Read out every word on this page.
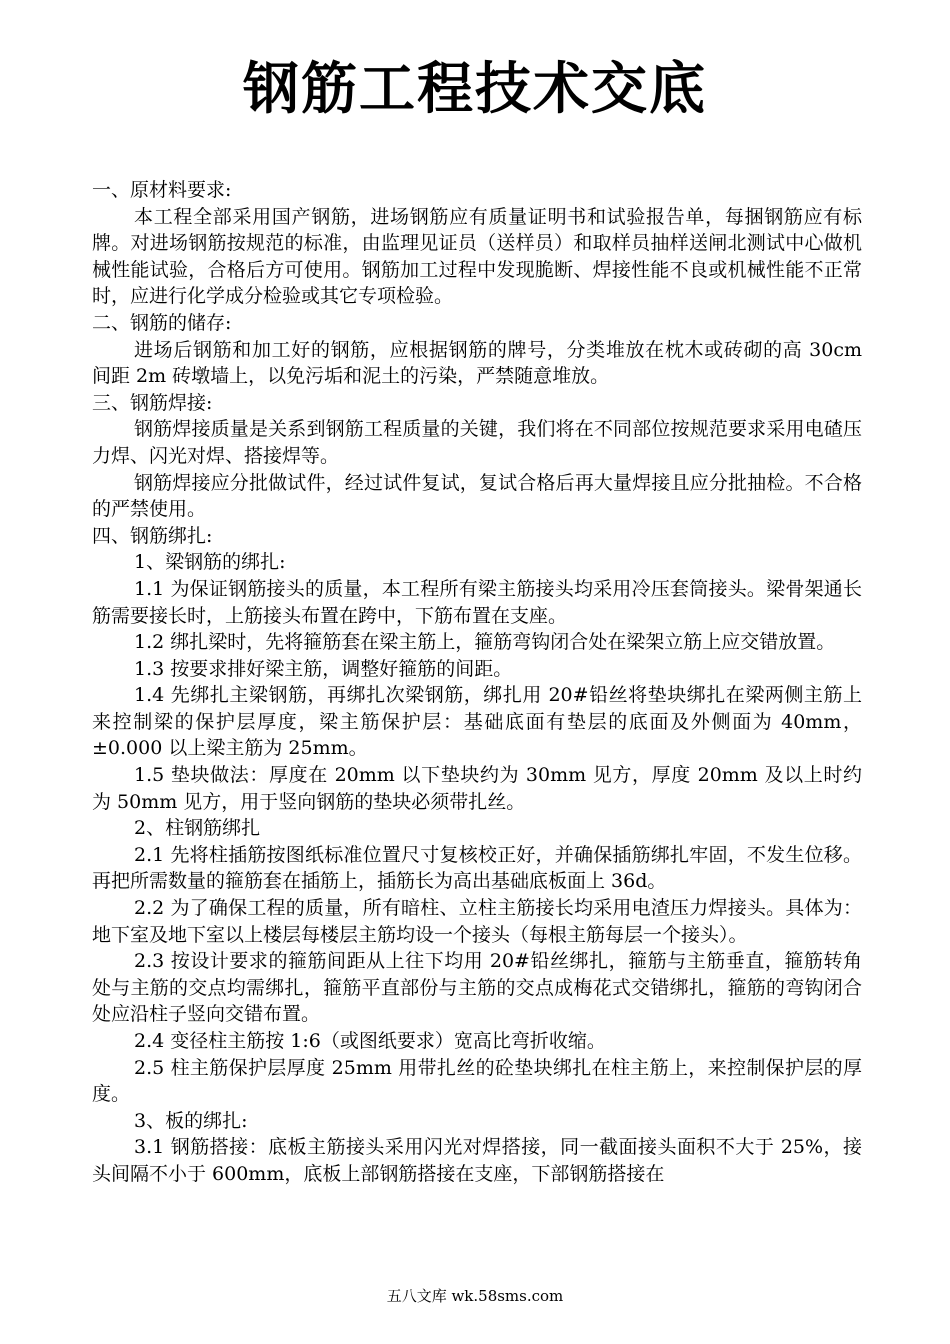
钢筋工程技术交底

一、原材料要求:

本工程全部采用国产钢筋，进场钢筋应有质量证明书和试验报告单，每捆钢筋应有标牌。对进场钢筋按规范的标准，由监理见证员（送样员）和取样员抽样送闸北测试中心做机械性能试验，合格后方可使用。钢筋加工过程中发现脆断、焊接性能不良或机械性能不正常时，应进行化学成分检验或其它专项检验。

二、钢筋的储存:

进场后钢筋和加工好的钢筋，应根据钢筋的牌号，分类堆放在枕木或砖砌的高 30cm 间距 2m 砖墩墙上，以免污垢和泥土的污染，严禁随意堆放。

三、钢筋焊接:

钢筋焊接质量是关系到钢筋工程质量的关键，我们将在不同部位按规范要求采用电碴压力焊、闪光对焊、搭接焊等。

钢筋焊接应分批做试件，经过试件复试，复试合格后再大量焊接且应分批抽检。不合格的严禁使用。

四、钢筋绑扎:

1、梁钢筋的绑扎:

1.1 为保证钢筋接头的质量，本工程所有梁主筋接头均采用冷压套筒接头。梁骨架通长筋需要接长时，上筋接头布置在跨中，下筋布置在支座。

1.2 绑扎梁时，先将箍筋套在梁主筋上，箍筋弯钩闭合处在梁架立筋上应交错放置。

1.3 按要求排好梁主筋，调整好箍筋的间距。

1.4 先绑扎主梁钢筋，再绑扎次梁钢筋，绑扎用 20#铅丝将垫块绑扎在梁两侧主筋上来控制梁的保护层厚度，梁主筋保护层：基础底面有垫层的底面及外侧面为 40mm，±0.000 以上梁主筋为 25mm。

1.5 垫块做法：厚度在 20mm 以下垫块约为 30mm 见方，厚度 20mm 及以上时约为 50mm 见方，用于竖向钢筋的垫块必须带扎丝。

2、柱钢筋绑扎

2.1 先将柱插筋按图纸标准位置尺寸复核校正好，并确保插筋绑扎牢固，不发生位移。再把所需数量的箍筋套在插筋上，插筋长为高出基础底板面上 36d。

2.2 为了确保工程的质量，所有暗柱、立柱主筋接长均采用电渣压力焊接头。具体为：地下室及地下室以上楼层每楼层主筋均设一个接头（每根主筋每层一个接头）。

2.3 按设计要求的箍筋间距从上往下均用 20#铅丝绑扎，箍筋与主筋垂直，箍筋转角处与主筋的交点均需绑扎，箍筋平直部份与主筋的交点成梅花式交错绑扎，箍筋的弯钩闭合处应沿柱子竖向交错布置。

2.4 变径柱主筋按 1:6（或图纸要求）宽高比弯折收缩。

2.5 柱主筋保护层厚度 25mm 用带扎丝的砼垫块绑扎在柱主筋上，来控制保护层的厚度。

3、板的绑扎:

3.1 钢筋搭接：底板主筋接头采用闪光对焊搭接，同一截面接头面积不大于 25%，接头间隔不小于 600mm，底板上部钢筋搭接在支座，下部钢筋搭接在

五八文库 wk.58sms.com
